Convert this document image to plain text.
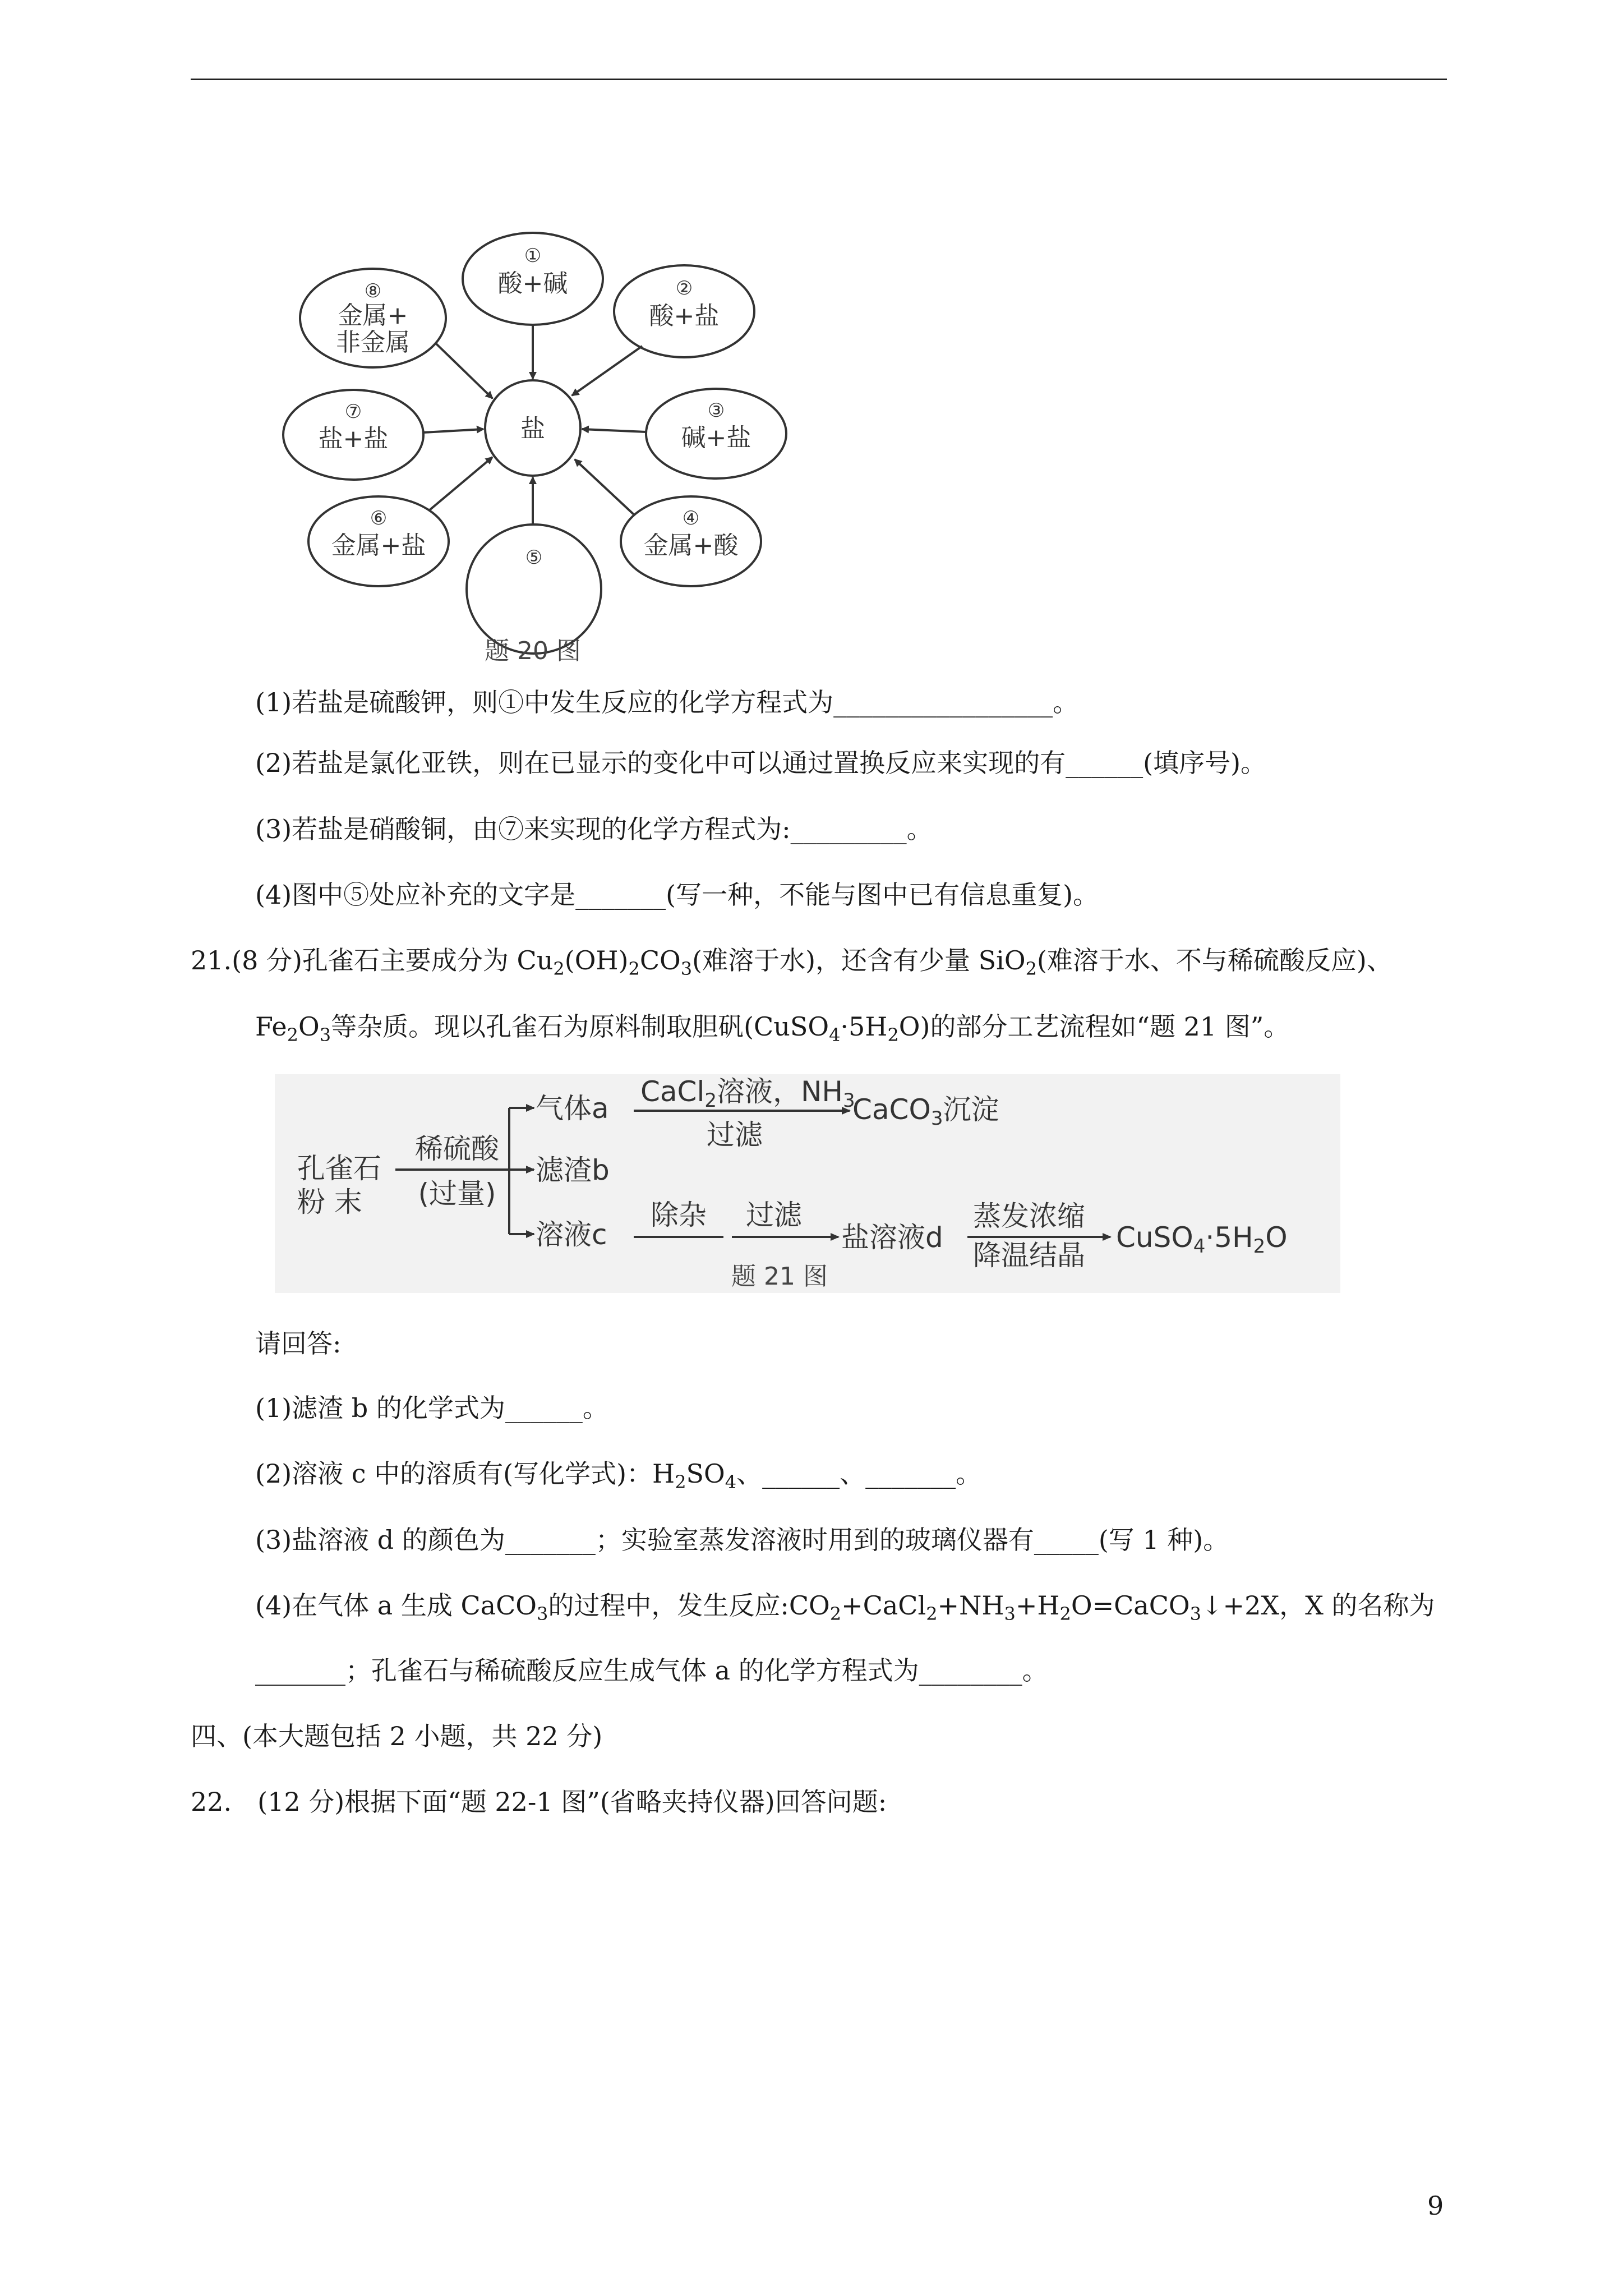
盐
①
②
③
④
⑤
⑥
⑦
⑧	酸+碱
酸+盐
碱+盐
金属+酸
金属+盐
盐+盐
金属+
非金属
题 20 图
(1)若盐是硫酸钾，则①中发生反应的化学方程式为_________________。
(2)若盐是氯化亚铁，则在已显示的变化中可以通过置换反应来实现的有______(填序号)。
(3)若盐是硝酸铜，由⑦来实现的化学方程式为:_________。
(4)图中⑤处应补充的文字是_______(写一种，不能与图中已有信息重复)。
21.(8 分)孔雀石主要成分为 $Cu_2(OH)_2CO_3$(难溶于水)，还含有少量 SiO$_2$(难溶于水、不与稀硫酸反应)、
$Fe_2O_3$等杂质。现以孔雀石为原料制取胆矾$(CuSO_4\cdot 5H_2O)$的部分工艺流程如“题 21 图”。
孔雀石
粉 末
稀硫酸
(过量)
气体a
CaCl$_2$溶液，$NH_3$
过滤
CaCO$_3$沉淀
滤渣b
溶液c
除杂 过滤
盐溶液d
蒸发浓缩
降温结晶
$CuSO_4\cdot 5H_2O$
题 21 图
请回答:
(1)滤渣 b 的化学式为______。
(2)溶液 c 中的溶质有(写化学式)：$H_2SO_4$、______、_______。
(3)盐溶液 d 的颜色为_______；实验室蒸发溶液时用到的玻璃仪器有_____(写 1 种)。
(4)在气体 a 生成 CaCO$_3$的过程中，发生反应$:CO_2+CaCl_2+NH_3+H_2O=CaCO_3↓+2X$，X 的名称为
_______；孔雀石与稀硫酸反应生成气体 a 的化学方程式为________。
四、(本大题包括 2 小题，共 22 分)
22.　(12 分)根据下面“题 22-1 图”(省略夹持仪器)回答问题:
9
